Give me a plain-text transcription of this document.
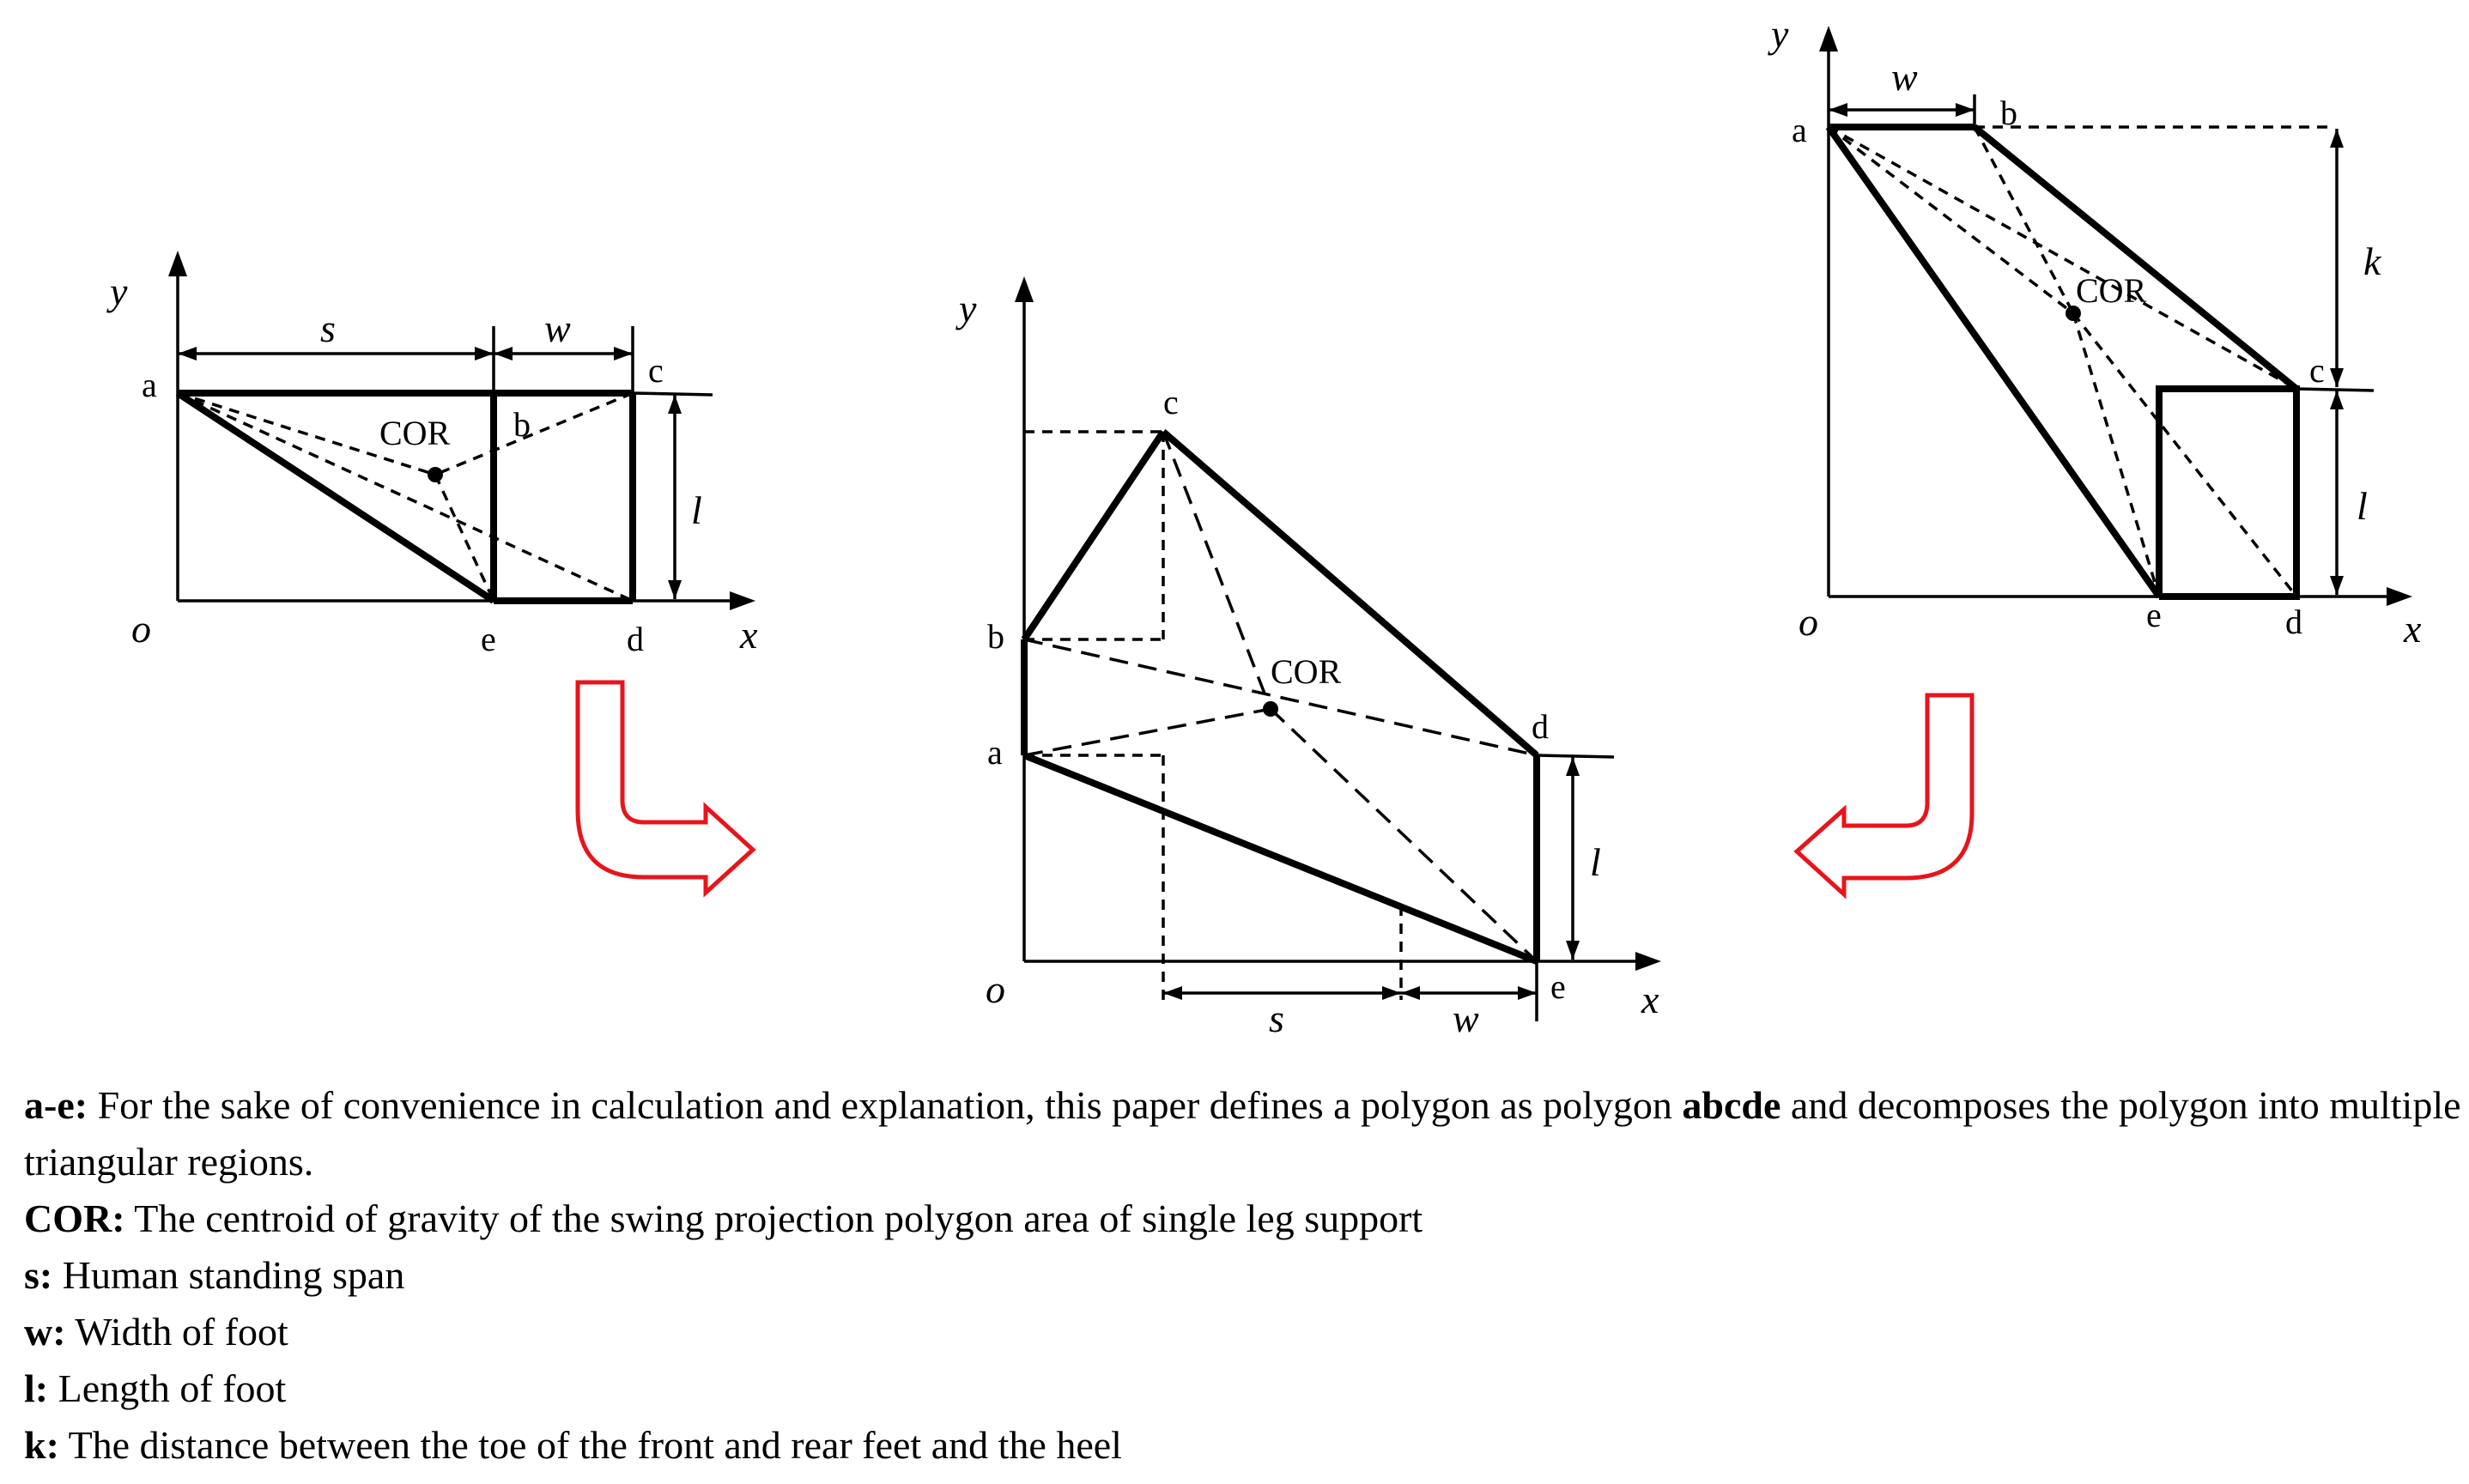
y
x
o
a
b
c
d
e
COR
s	w
l
y
x
o
a
b
c
d
e
COR
s	w
l
y
x
o
a	b
c
d
e
COR
w
k
l

a-e: For the sake of convenience in calculation and explanation, this paper defines a polygon as polygon abcde and decomposes the polygon into multiple triangular regions.

COR: The centroid of gravity of the swing projection polygon area of single leg support

s: Human standing span

w: Width of foot

l: Length of foot

k: The distance between the toe of the front and rear feet and the heel
